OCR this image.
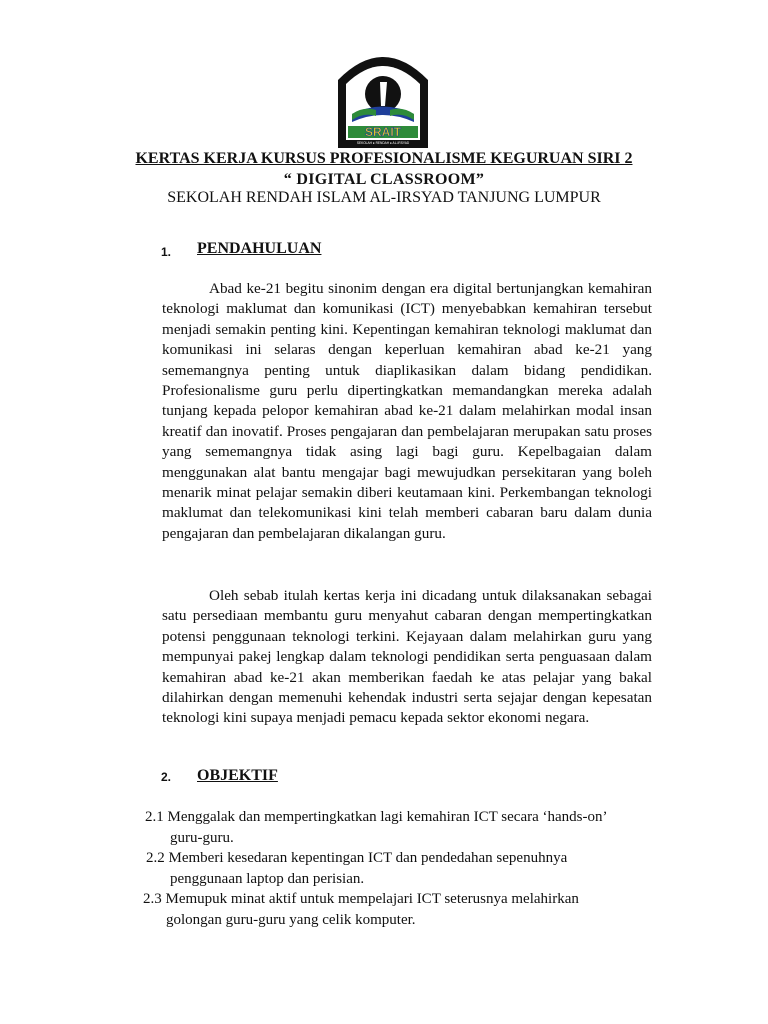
SRAIT
SEKOLAH ● RENDAH ● AL-IRSYAD
KERTAS KERJA KURSUS PROFESIONALISME KEGURUAN SIRI 2
“ DIGITAL CLASSROOM”
SEKOLAH RENDAH ISLAM AL-IRSYAD TANJUNG LUMPUR
1. PENDAHULUAN

Abad ke-21 begitu sinonim dengan era digital bertunjangkan kemahiran teknologi maklumat dan komunikasi (ICT) menyebabkan kemahiran tersebut menjadi semakin penting kini. Kepentingan kemahiran teknologi maklumat dan komunikasi ini selaras dengan keperluan kemahiran abad ke-21 yang sememangnya penting untuk diaplikasikan dalam bidang pendidikan. Profesionalisme guru perlu dipertingkatkan memandangkan mereka adalah tunjang kepada pelopor kemahiran abad ke-21 dalam melahirkan modal insan kreatif dan inovatif. Proses pengajaran dan pembelajaran merupakan satu proses yang sememangnya tidak asing lagi bagi guru. Kepelbagaian dalam menggunakan alat bantu mengajar bagi mewujudkan persekitaran yang boleh menarik minat pelajar semakin diberi keutamaan kini. Perkembangan teknologi maklumat dan telekomunikasi kini telah memberi cabaran baru dalam dunia pengajaran dan pembelajaran dikalangan guru.

Oleh sebab itulah kertas kerja ini dicadang untuk dilaksanakan sebagai satu persediaan membantu guru menyahut cabaran dengan mempertingkatkan potensi penggunaan teknologi terkini. Kejayaan dalam melahirkan guru yang mempunyai pakej lengkap dalam teknologi pendidikan serta penguasaan dalam kemahiran abad ke-21 akan memberikan faedah ke atas pelajar yang bakal dilahirkan dengan memenuhi kehendak industri serta sejajar dengan kepesatan teknologi kini supaya menjadi pemacu kepada sektor ekonomi negara.

2. OBJEKTIF
2.1 Menggalak dan mempertingkatkan lagi kemahiran ICT secara ‘hands-on’
guru-guru.
2.2 Memberi kesedaran kepentingan ICT dan pendedahan sepenuhnya
penggunaan laptop dan perisian.
2.3 Memupuk minat aktif untuk mempelajari ICT seterusnya melahirkan
golongan guru-guru yang celik komputer.
